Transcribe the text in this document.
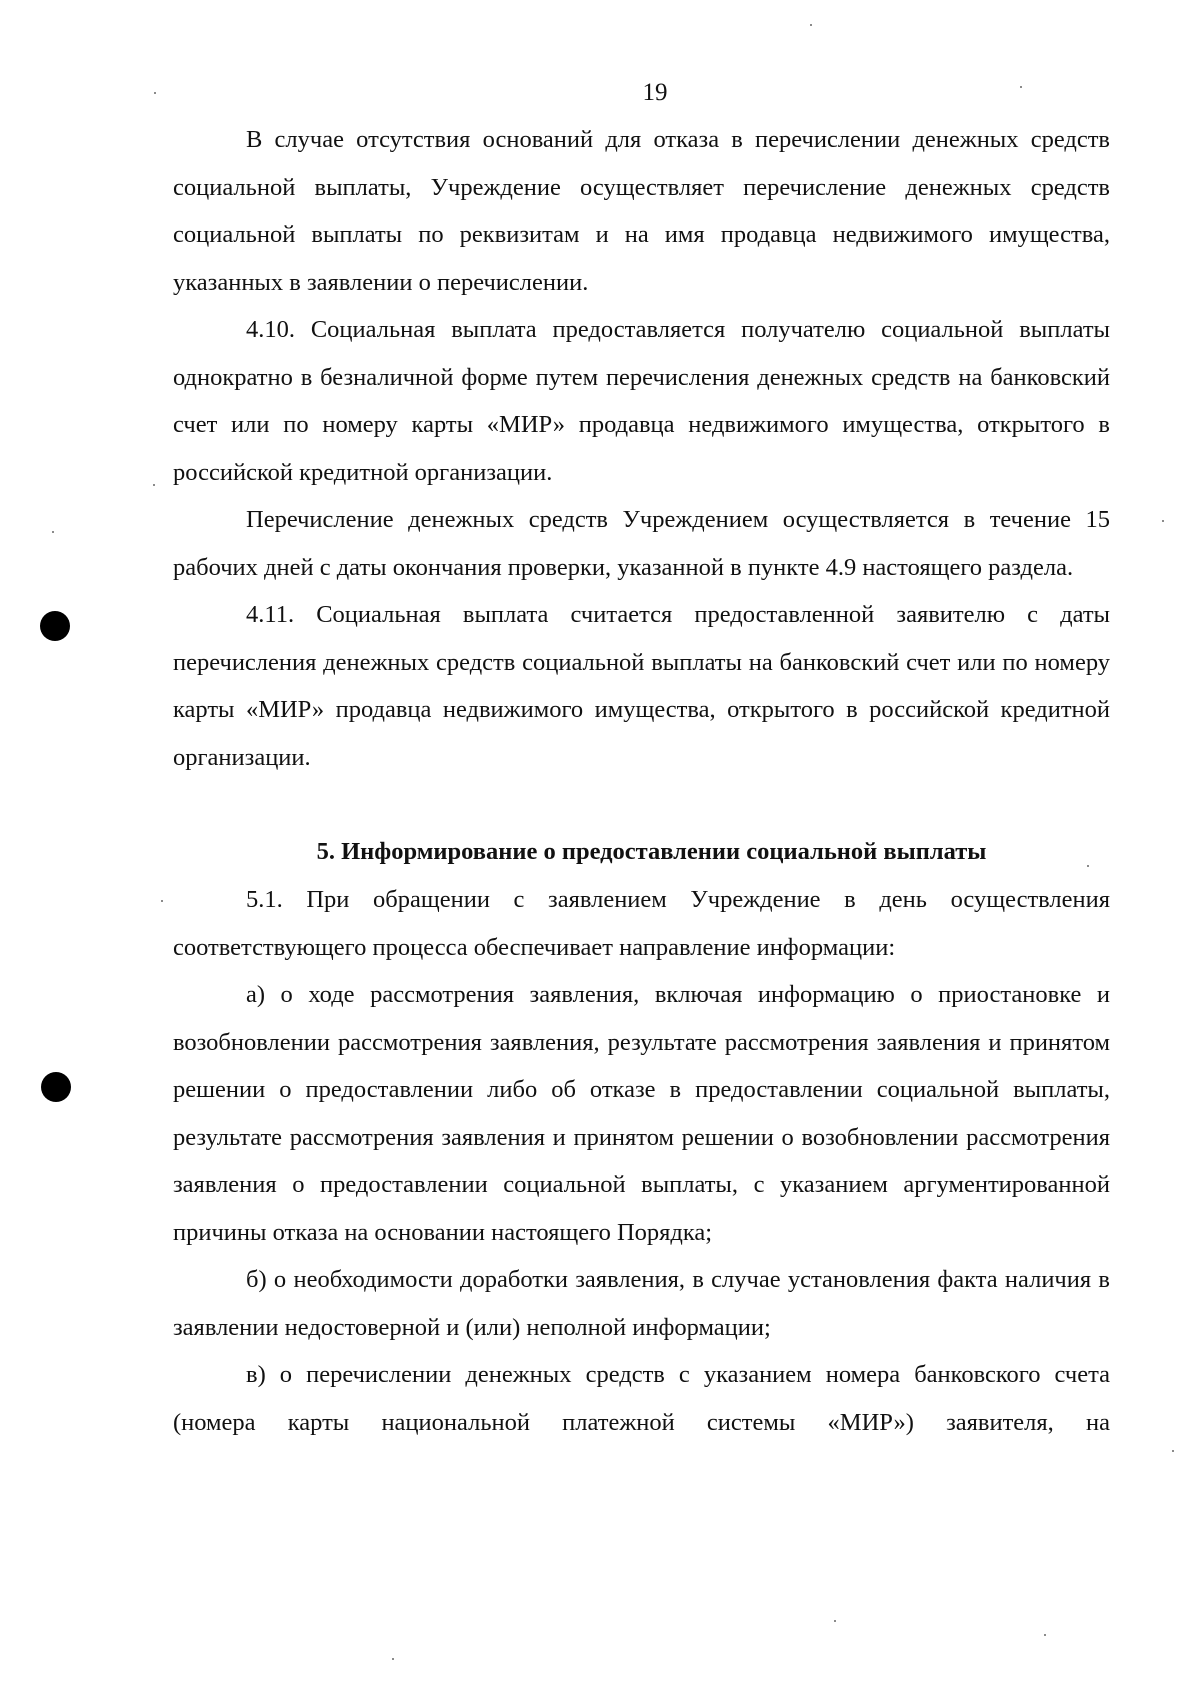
19

В случае отсутствия оснований для отказа в перечислении денежных средств социальной выплаты, Учреждение осуществляет перечисление денежных средств социальной выплаты по реквизитам и на имя продавца недвижимого имущества, указанных в заявлении о перечислении.

4.10. Социальная выплата предоставляется получателю социальной выплаты однократно в безналичной форме путем перечисления денежных средств на банковский счет или по номеру карты «МИР» продавца недвижимого имущества, открытого в российской кредитной организации.

Перечисление денежных средств Учреждением осуществляется в течение 15 рабочих дней с даты окончания проверки, указанной в пункте 4.9 настоящего раздела.

4.11. Социальная выплата считается предоставленной заявителю с даты перечисления денежных средств социальной выплаты на банковский счет или по номеру карты «МИР» продавца недвижимого имущества, открытого в российской кредитной организации.

5. Информирование о предоставлении социальной выплаты

5.1. При обращении с заявлением Учреждение в день осуществления соответствующего процесса обеспечивает направление информации:

а) о ходе рассмотрения заявления, включая информацию о приостановке и возобновлении рассмотрения заявления, результате рассмотрения заявления и принятом решении о предоставлении либо об отказе в предоставлении социальной выплаты, результате рассмотрения заявления и принятом решении о возобновлении рассмотрения заявления о предоставлении социальной выплаты, с указанием аргументированной причины отказа на основании настоящего Порядка;

б) о необходимости доработки заявления, в случае установления факта наличия в заявлении недостоверной и (или) неполной информации;

в) о перечислении денежных средств с указанием номера банковского счета (номера карты национальной платежной системы «МИР») заявителя, на
